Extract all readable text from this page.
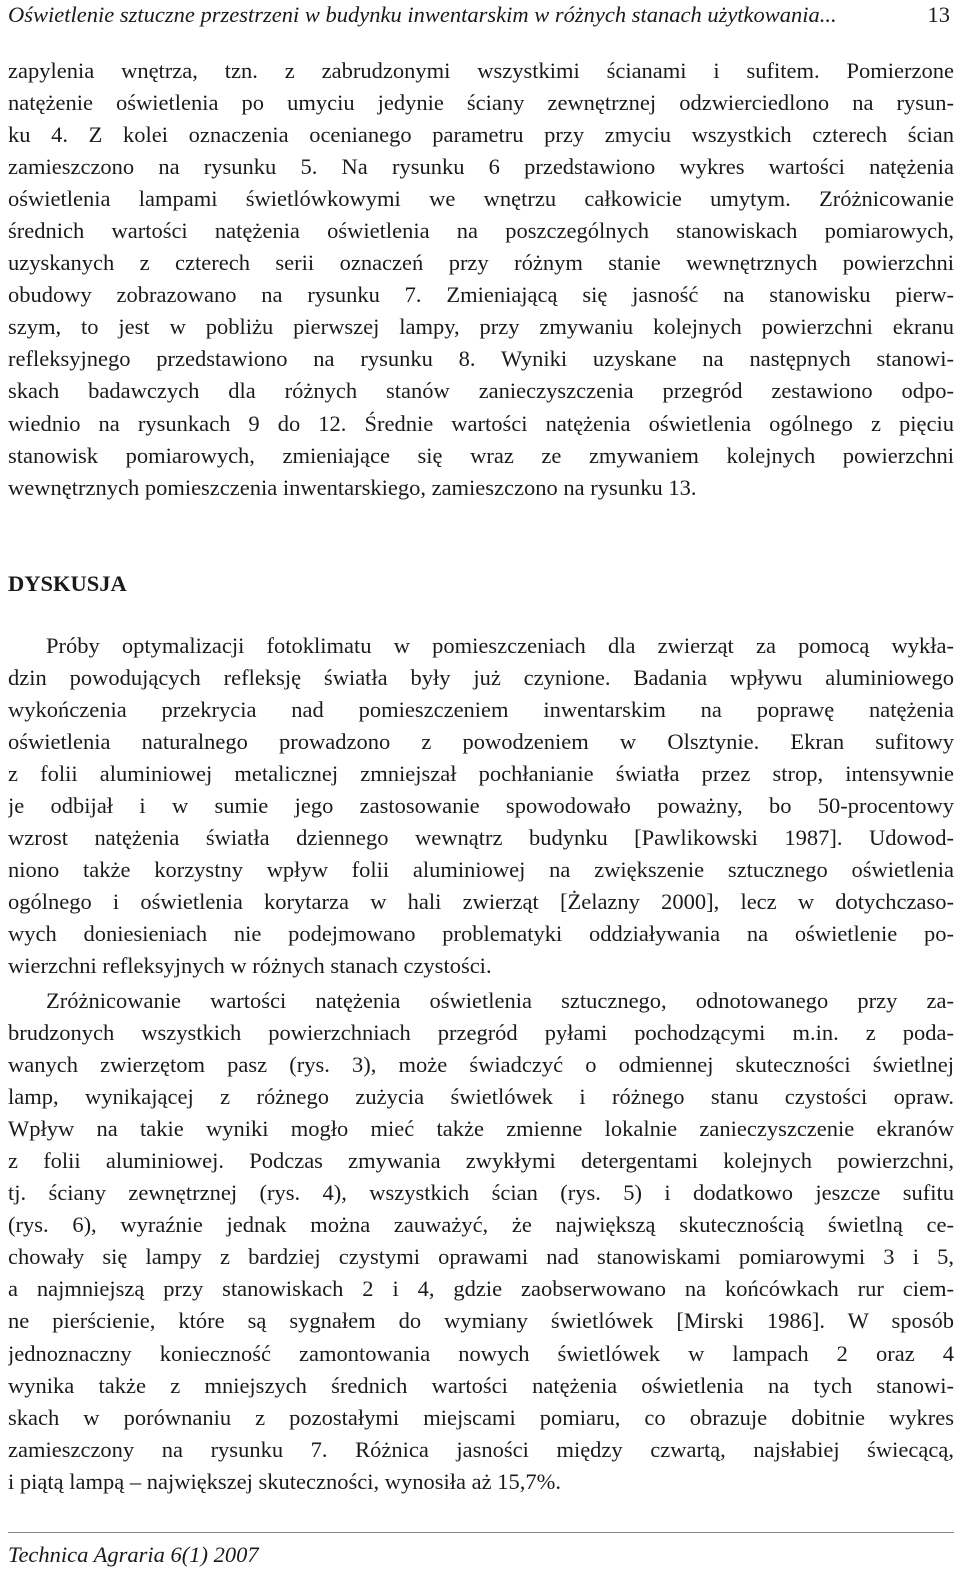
Oświetlenie sztuczne przestrzeni w budynku inwentarskim w różnych stanach użytkowania...	13
zapylenia wnętrza, tzn. z zabrudzonymi wszystkimi ścianami i sufitem. Pomierzone
natężenie oświetlenia po umyciu jedynie ściany zewnętrznej odzwierciedlono na rysun-
ku 4. Z kolei oznaczenia ocenianego parametru przy zmyciu wszystkich czterech ścian
zamieszczono na rysunku 5. Na rysunku 6 przedstawiono wykres wartości natężenia
oświetlenia lampami świetlówkowymi we wnętrzu całkowicie umytym. Zróżnicowanie
średnich wartości natężenia oświetlenia na poszczególnych stanowiskach pomiarowych,
uzyskanych z czterech serii oznaczeń przy różnym stanie wewnętrznych powierzchni
obudowy zobrazowano na rysunku 7. Zmieniającą się jasność na stanowisku pierw-
szym, to jest w pobliżu pierwszej lampy, przy zmywaniu kolejnych powierzchni ekranu
refleksyjnego przedstawiono na rysunku 8. Wyniki uzyskane na następnych stanowi-
skach badawczych dla różnych stanów zanieczyszczenia przegród zestawiono odpo-
wiednio na rysunkach 9 do 12. Średnie wartości natężenia oświetlenia ogólnego z pięciu
stanowisk pomiarowych, zmieniające się wraz ze zmywaniem kolejnych powierzchni
wewnętrznych pomieszczenia inwentarskiego, zamieszczono na rysunku 13.
DYSKUSJA
Próby optymalizacji fotoklimatu w pomieszczeniach dla zwierząt za pomocą wykła-
dzin powodujących refleksję światła były już czynione. Badania wpływu aluminiowego
wykończenia przekrycia nad pomieszczeniem inwentarskim na poprawę natężenia
oświetlenia naturalnego prowadzono z powodzeniem w Olsztynie. Ekran sufitowy
z folii aluminiowej metalicznej zmniejszał pochłanianie światła przez strop, intensywnie
je odbijał i w sumie jego zastosowanie spowodowało poważny, bo 50-procentowy
wzrost natężenia światła dziennego wewnątrz budynku [Pawlikowski 1987]. Udowod-
niono także korzystny wpływ folii aluminiowej na zwiększenie sztucznego oświetlenia
ogólnego i oświetlenia korytarza w hali zwierząt [Żelazny 2000], lecz w dotychczaso-
wych doniesieniach nie podejmowano problematyki oddziaływania na oświetlenie po-
wierzchni refleksyjnych w różnych stanach czystości.
Zróżnicowanie wartości natężenia oświetlenia sztucznego, odnotowanego przy za-
brudzonych wszystkich powierzchniach przegród pyłami pochodzącymi m.in. z poda-
wanych zwierzętom pasz (rys. 3), może świadczyć o odmiennej skuteczności świetlnej
lamp, wynikającej z różnego zużycia świetlówek i różnego stanu czystości opraw.
Wpływ na takie wyniki mogło mieć także zmienne lokalnie zanieczyszczenie ekranów
z folii aluminiowej. Podczas zmywania zwykłymi detergentami kolejnych powierzchni,
tj. ściany zewnętrznej (rys. 4), wszystkich ścian (rys. 5) i dodatkowo jeszcze sufitu
(rys. 6), wyraźnie jednak można zauważyć, że największą skutecznością świetlną ce-
chowały się lampy z bardziej czystymi oprawami nad stanowiskami pomiarowymi 3 i 5,
a najmniejszą przy stanowiskach 2 i 4, gdzie zaobserwowano na końcówkach rur ciem-
ne pierścienie, które są sygnałem do wymiany świetlówek [Mirski 1986]. W sposób
jednoznaczny konieczność zamontowania nowych świetlówek w lampach 2 oraz 4
wynika także z mniejszych średnich wartości natężenia oświetlenia na tych stanowi-
skach w porównaniu z pozostałymi miejscami pomiaru, co obrazuje dobitnie wykres
zamieszczony na rysunku 7. Różnica jasności między czwartą, najsłabiej świecącą,
i piątą lampą – największej skuteczności, wynosiła aż 15,7%.
Technica Agraria 6(1) 2007
